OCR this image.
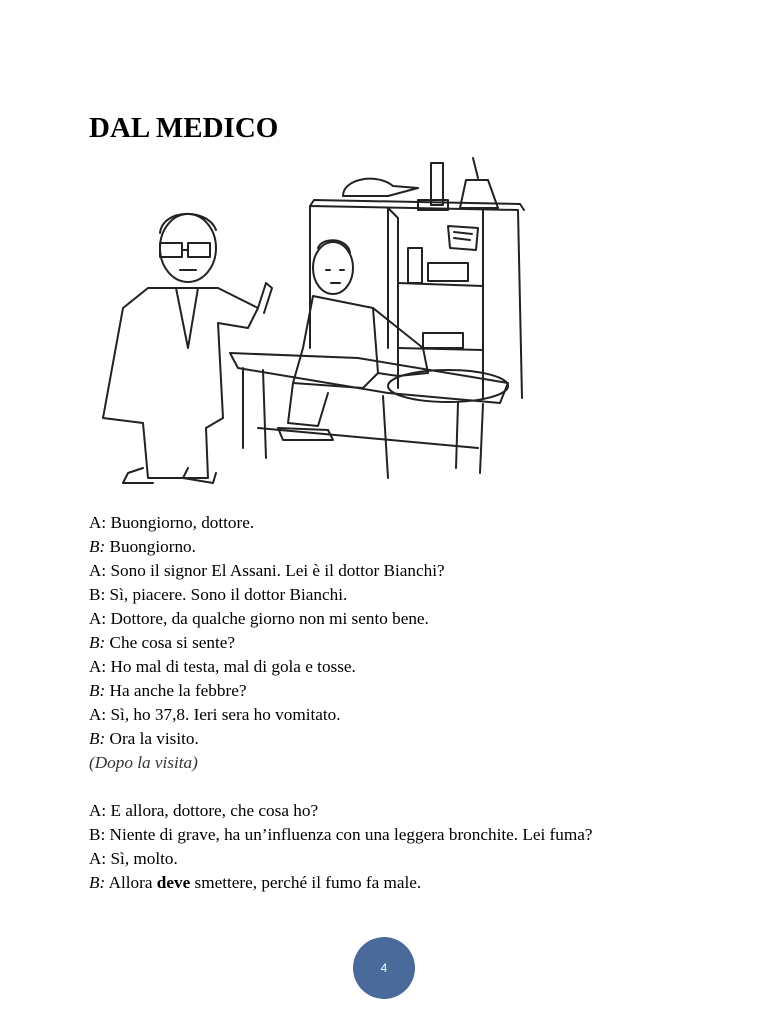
DAL MEDICO
A: Buongiorno, dottore.
B: Buongiorno.
A: Sono il signor El Assani. Lei è il dottor Bianchi?
B: Sì, piacere. Sono il dottor Bianchi.
A: Dottore, da qualche giorno non mi sento bene.
B: Che cosa si sente?
A: Ho mal di testa, mal di gola e tosse.
B: Ha anche la febbre?
A: Sì, ho 37,8. Ieri sera ho vomitato.
B: Ora la visito.
(Dopo la visita)
A: E allora, dottore, che cosa ho?
B: Niente di grave, ha un’influenza con una leggera bronchite. Lei fuma?
A: Sì, molto.
B: Allora deve smettere, perché il fumo fa male.
4
